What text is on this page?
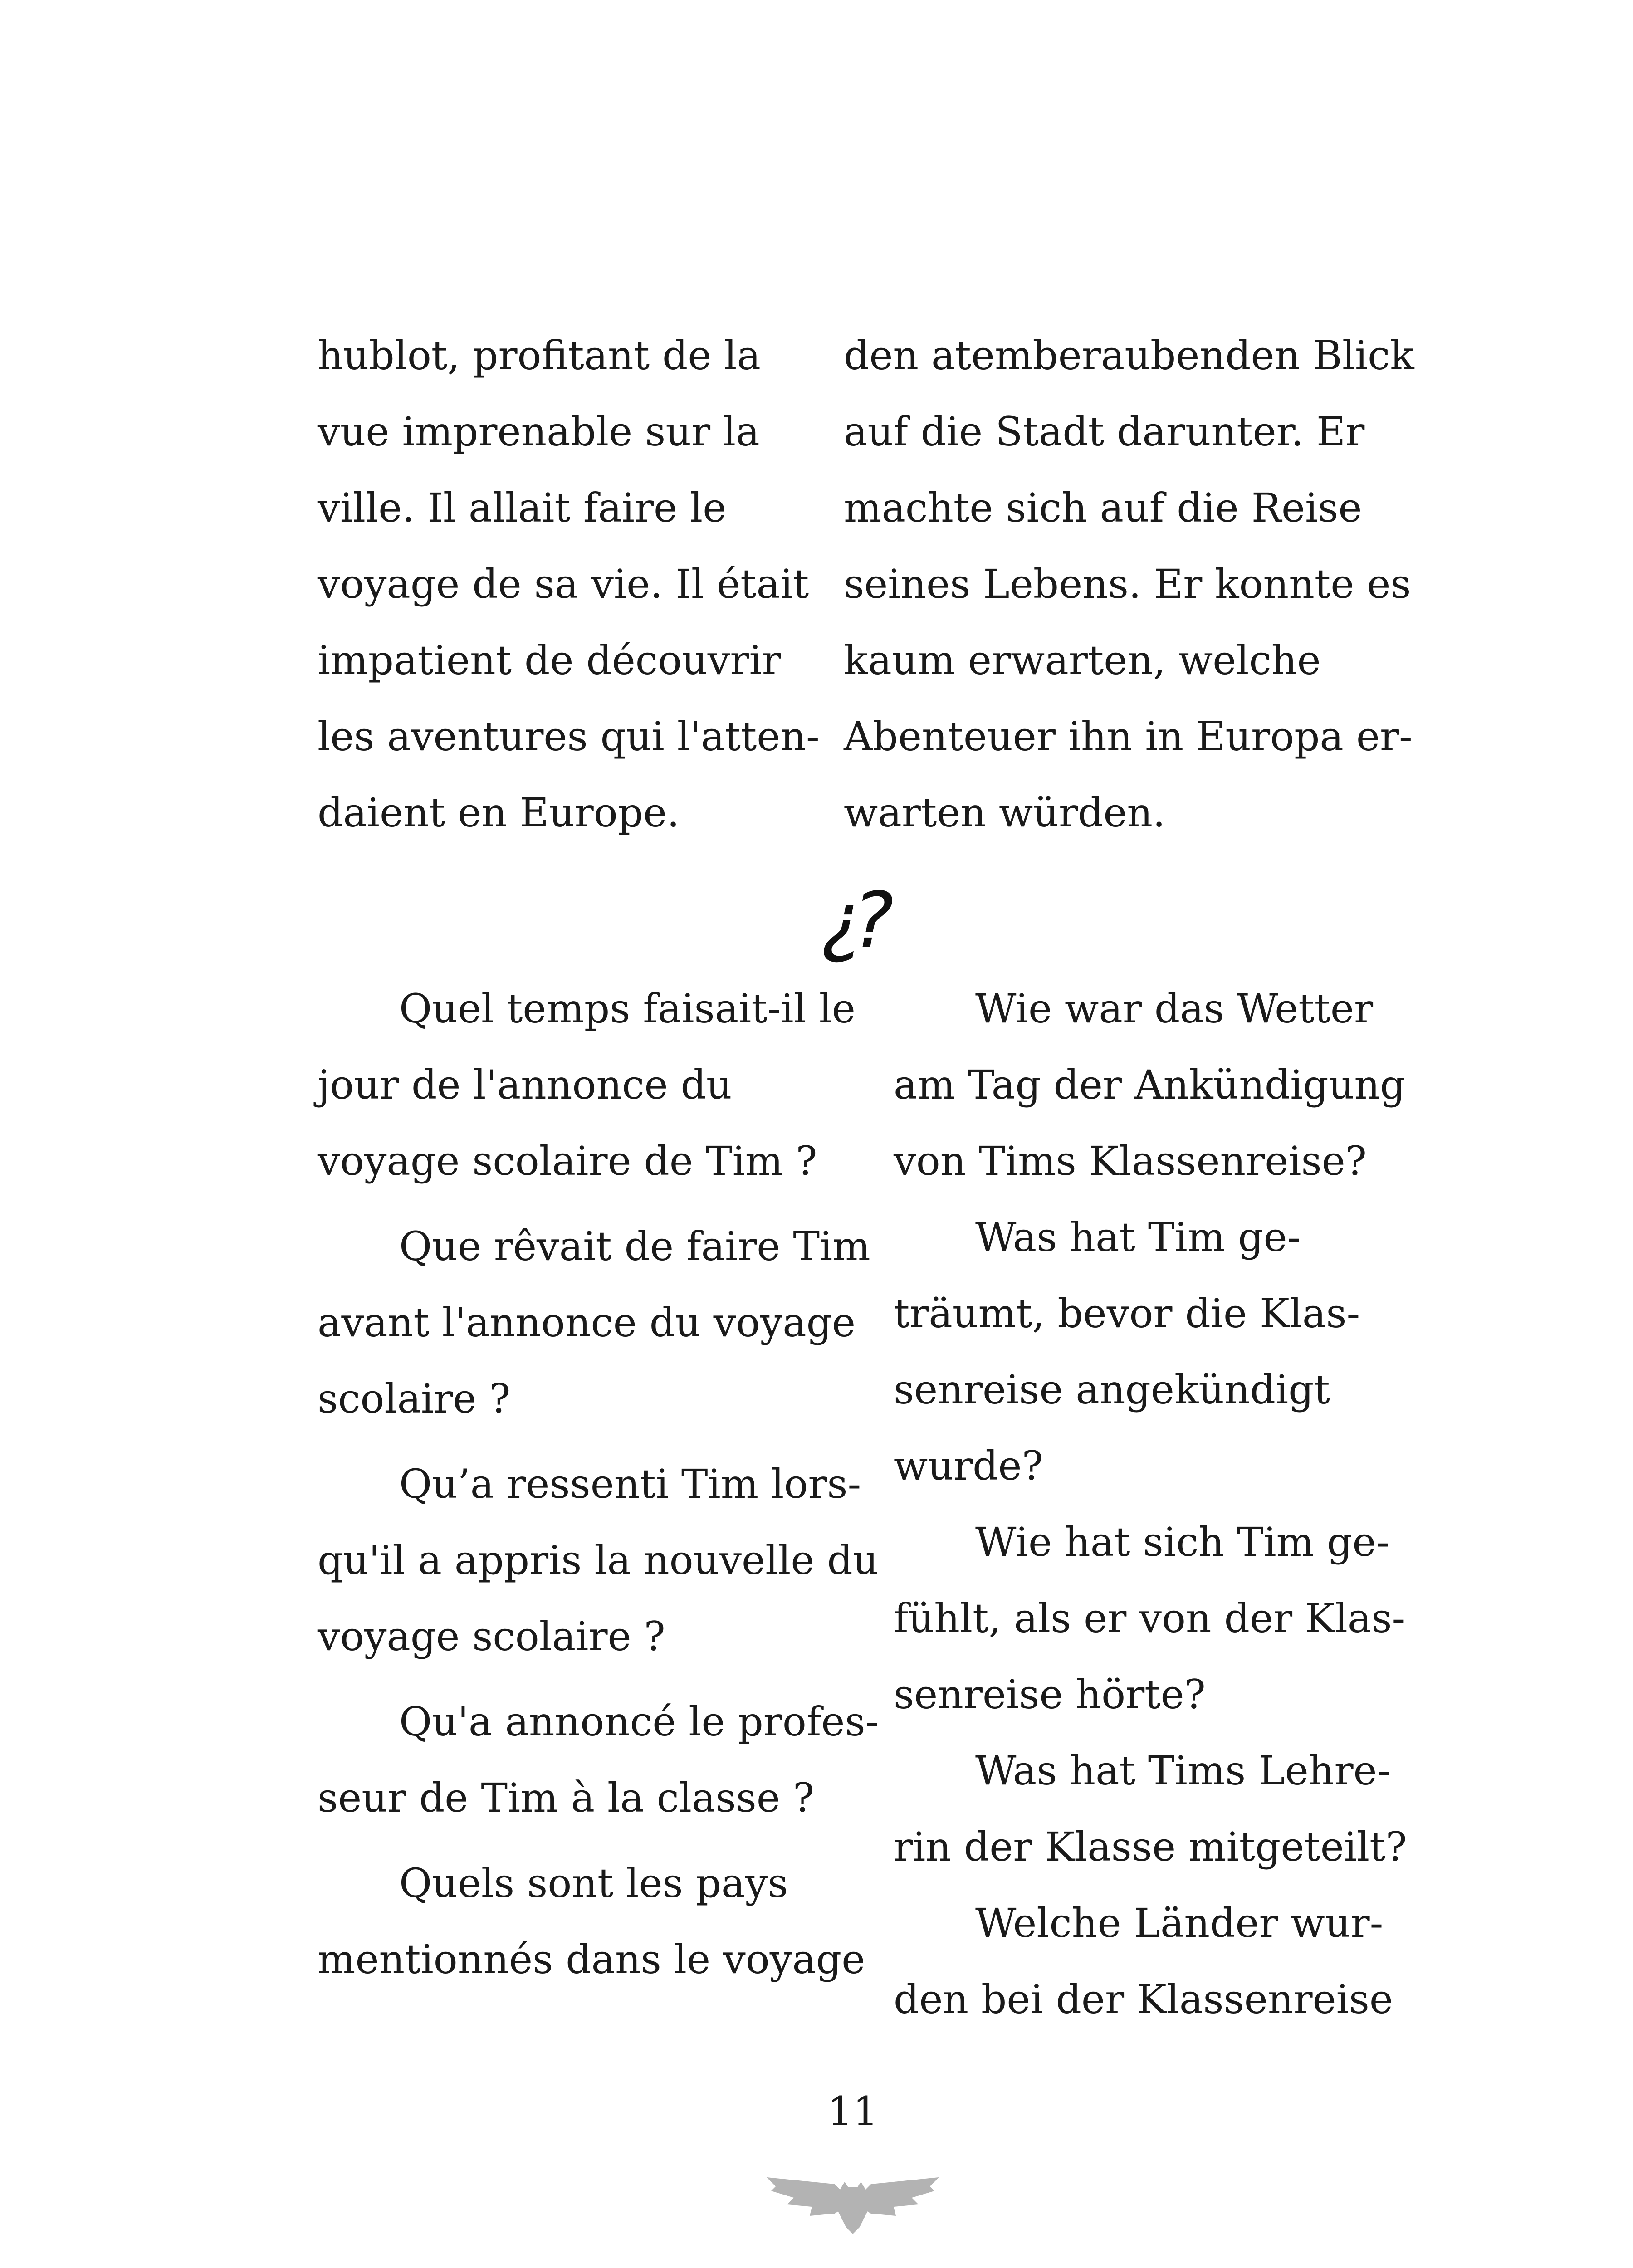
hublot, profitant de la
vue imprenable sur la
ville. Il allait faire le
voyage de sa vie. Il était
impatient de découvrir
les aventures qui l'atten-
daient en Europe.
den atemberaubenden Blick
auf die Stadt darunter. Er
machte sich auf die Reise
seines Lebens. Er konnte es
kaum erwarten, welche
Abenteuer ihn in Europa er-
warten würden.
¿?
Quel temps faisait-il le
jour de l'annonce du
voyage scolaire de Tim ?
Que rêvait de faire Tim
avant l'annonce du voyage
scolaire ?
Qu’a ressenti Tim lors-
qu'il a appris la nouvelle du
voyage scolaire ?
Qu'a annoncé le profes-
seur de Tim à la classe ?
Quels sont les pays
mentionnés dans le voyage
Wie war das Wetter
am Tag der Ankündigung
von Tims Klassenreise?
Was hat Tim ge-
träumt, bevor die Klas-
senreise angekündigt
wurde?
Wie hat sich Tim ge-
fühlt, als er von der Klas-
senreise hörte?
Was hat Tims Lehre-
rin der Klasse mitgeteilt?
Welche Länder wur-
den bei der Klassenreise
11
